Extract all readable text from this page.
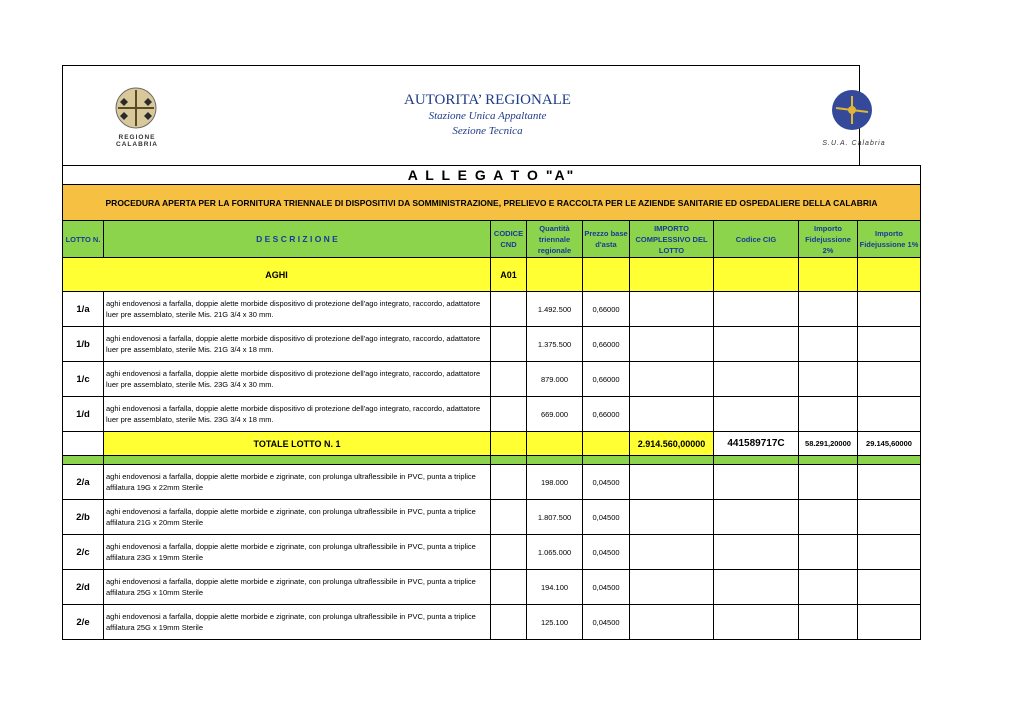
REGIONE CALABRIA
AUTORITA’ REGIONALE
Stazione Unica Appaltante
Sezione Tecnica
S.U.A. Calabria
A L L E G A T O "A"								
PROCEDURA APERTA PER LA FORNITURA TRIENNALE DI DISPOSITIVI DA SOMMINISTRAZIONE, PRELIEVO E RACCOLTA PER LE AZIENDE SANITARIE ED OSPEDALIERE DELLA CALABRIA								
LOTTO N.	D E S C R I Z I O N E	CODICE CND	Quantità triennale regionale	Prezzo base d'asta	IMPORTO COMPLESSIVO DEL LOTTO	Codice CIG	Importo Fidejussione 2%	Importo Fidejussione 1%
AGHI		A01						
1/a	aghi endovenosi a farfalla, doppie alette morbide dispositivo di protezione dell'ago integrato, raccordo, adattatore luer pre assemblato, sterile Mis. 21G 3/4 x 30 mm.		1.492.500	0,66000				
1/b	aghi endovenosi a farfalla, doppie alette morbide dispositivo di protezione dell'ago integrato, raccordo, adattatore luer pre assemblato, sterile Mis. 21G 3/4 x 18 mm.		1.375.500	0,66000				
1/c	aghi endovenosi a farfalla, doppie alette morbide dispositivo di protezione dell'ago integrato, raccordo, adattatore luer pre assemblato, sterile Mis. 23G 3/4 x 30 mm.		879.000	0,66000				
1/d	aghi endovenosi a farfalla, doppie alette morbide dispositivo di protezione dell'ago integrato, raccordo, adattatore luer pre assemblato, sterile Mis. 23G 3/4 x 18 mm.		669.000	0,66000				
	TOTALE LOTTO N. 1				2.914.560,00000	441589717C	58.291,20000	29.145,60000

2/a	aghi endovenosi a farfalla, doppie alette morbide e zigrinate, con prolunga ultraflessibile in PVC, punta a triplice affilatura 19G x 22mm Sterile		198.000	0,04500				
2/b	aghi endovenosi a farfalla, doppie alette morbide e zigrinate, con prolunga ultraflessibile in PVC, punta a triplice affilatura 21G x 20mm Sterile		1.807.500	0,04500				
2/c	aghi endovenosi a farfalla, doppie alette morbide e zigrinate, con prolunga ultraflessibile in PVC, punta a triplice affilatura 23G x 19mm Sterile		1.065.000	0,04500				
2/d	aghi endovenosi a farfalla, doppie alette morbide e zigrinate, con prolunga ultraflessibile in PVC, punta a triplice affilatura 25G x 10mm Sterile		194.100	0,04500				
2/e	aghi endovenosi a farfalla, doppie alette morbide e zigrinate, con prolunga ultraflessibile in PVC, punta a triplice affilatura 25G x 19mm Sterile		125.100	0,04500				
